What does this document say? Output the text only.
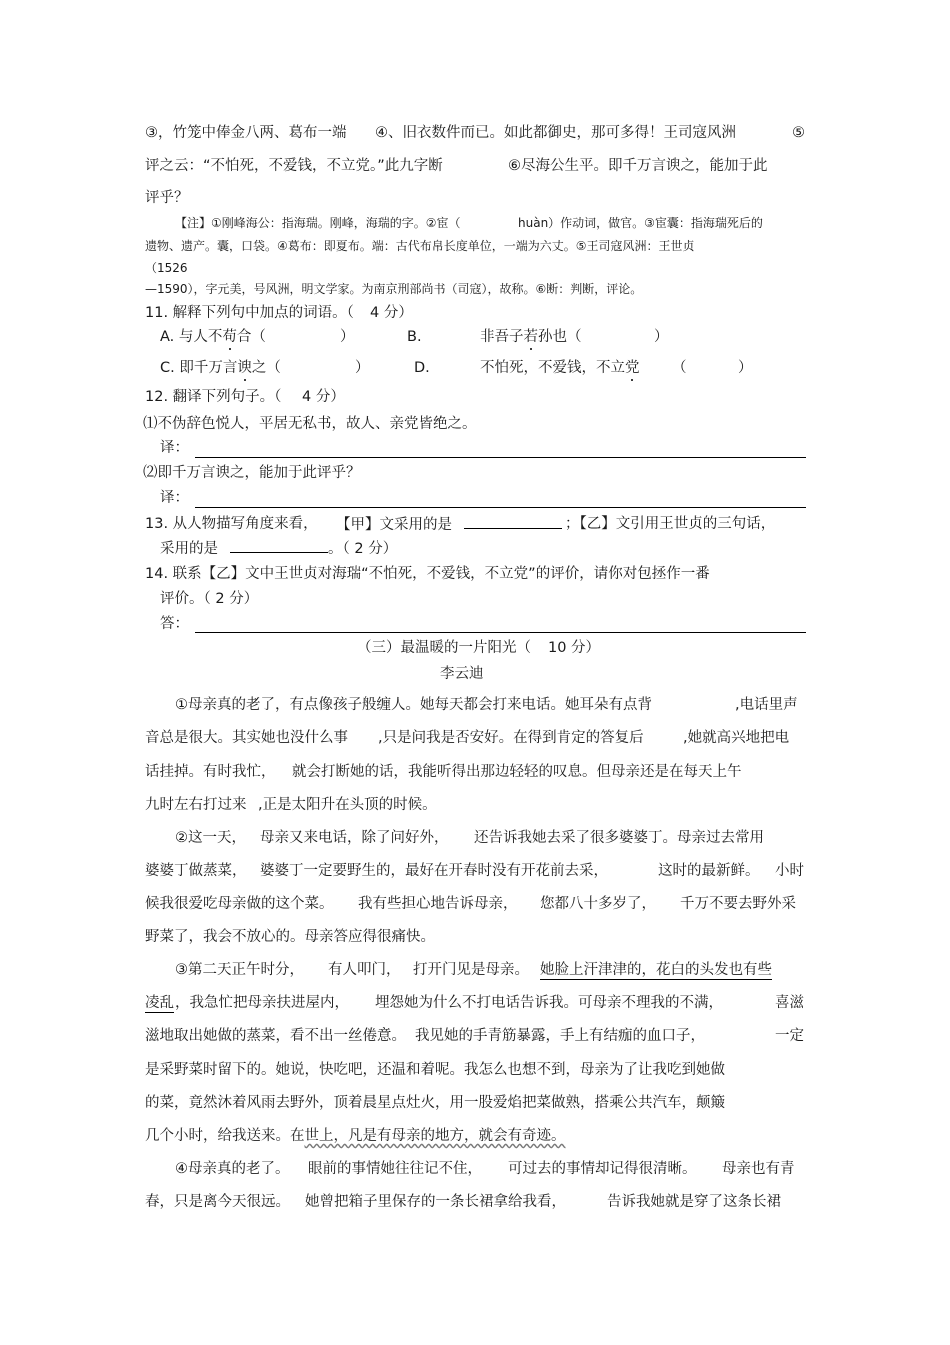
③，竹笼中俸金八两、葛布一端 ④、旧衣数件而已。如此都御史，那可多得！王司寇风洲	⑤
评之云：“不怕死，不爱钱，不立党。”此九字断	⑥尽海公生平。即千万言谀之，能加于此
评乎？
【注】①刚峰海公：指海瑞。刚峰，海瑞的字。②宦（	huàn）作动词，做官。③宦囊：指海瑞死后的
遗物、遗产。囊，口袋。④葛布：即夏布。端：古代布帛长度单位，一端为六丈。⑤王司寇风洲：王世贞
（1526
—1590），字元美，号风洲，明文学家。为南京刑部尚书（司寇），故称。⑥断：判断，评论。
11. 解释下列句中加点的词语。（ 4 分）
A. 与人不苟合（	）	B.	非吾子若孙也（	）
C. 即千万言谀之（	）	D.	不怕死，不爱钱，不立党 （	）
12. 翻译下列句子。（ 4 分）
⑴不伪辞色悦人，平居无私书，故人、亲党皆绝之。
译：
⑵即千万言谀之，能加于此评乎？
译：
13. 从人物描写角度来看， 【甲】文采用的是	；【乙】文引用王世贞的三句话，
采用的是	。（ 2 分）
14. 联系【乙】文中王世贞对海瑞“不怕死，不爱钱，不立党”的评价，请你对包拯作一番
评价。（ 2 分）
答：
（三）最温暖的一片阳光（ 10 分）
李云迪
①母亲真的老了，有点像孩子般缠人。她每天都会打来电话。她耳朵有点背	,电话里声
音总是很大。其实她也没什么事 ,只是问我是否安好。在得到肯定的答复后	,她就高兴地把电
话挂掉。有时我忙， 就会打断她的话，我能听得出那边轻轻的叹息。但母亲还是在每天上午
九时左右打过来 ,正是太阳升在头顶的时候。
②这一天， 母亲又来电话，除了问好外， 还告诉我她去采了很多婆婆丁。母亲过去常用
婆婆丁做蒸菜， 婆婆丁一定要野生的，最好在开春时没有开花前去采，	这时的最新鲜。 小时
候我很爱吃母亲做的这个菜。 我有些担心地告诉母亲， 您都八十多岁了， 千万不要去野外采
野菜了，我会不放心的。母亲答应得很痛快。
③第二天正午时分， 有人叩门， 打开门见是母亲。 她脸上汗津津的，花白的头发也有些
凌乱 ，我急忙把母亲扶进屋内， 埋怨她为什么不打电话告诉我。可母亲不理我的不满，	喜滋
滋地取出她做的蒸菜，看不出一丝倦意。 我见她的手青筋暴露，手上有结痂的血口子，	一定
是采野菜时留下的。她说，快吃吧，还温和着呢。我怎么也想不到，母亲为了让我吃到她做
的菜，竟然沐着风雨去野外，顶着晨星点灶火，用一股爱焰把菜做熟，搭乘公共汽车，颠簸
几个小时，给我送来。在世上，凡是有母亲的地方，就会有奇迹。
④母亲真的老了。 眼前的事情她往往记不住， 可过去的事情却记得很清晰。 母亲也有青
春，只是离今天很远。 她曾把箱子里保存的一条长裙拿给我看，	告诉我她就是穿了这条长裙
